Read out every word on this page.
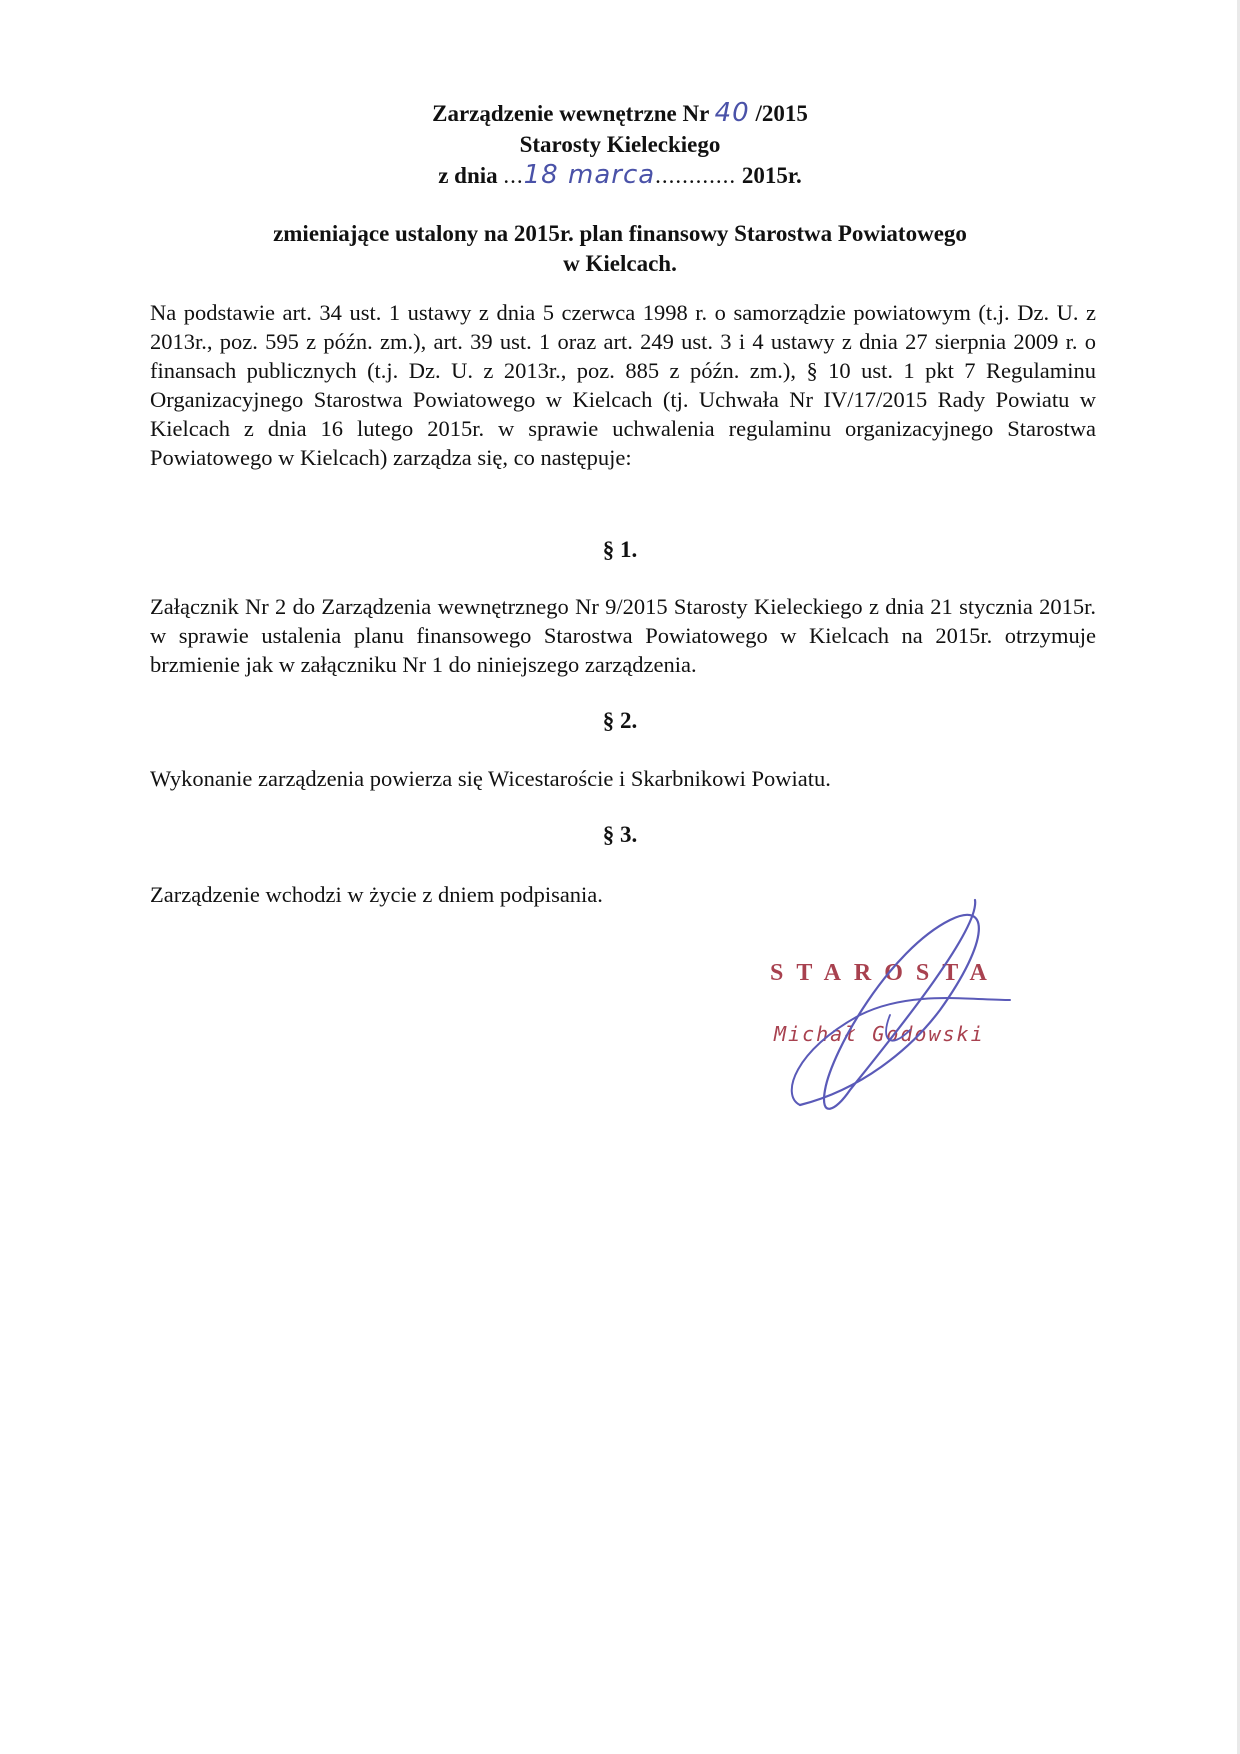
Zarządzenie wewnętrzne Nr 40 /2015
Starosty Kieleckiego
z dnia ...18 marca............ 2015r.
zmieniające ustalony na 2015r. plan finansowy Starostwa Powiatowego
w Kielcach.
Na podstawie art. 34 ust. 1 ustawy z dnia 5 czerwca 1998 r. o samorządzie powiatowym (t.j. Dz. U. z 2013r., poz. 595 z późn. zm.), art. 39 ust. 1 oraz art. 249 ust. 3 i 4 ustawy z dnia 27 sierpnia 2009 r. o finansach publicznych (t.j. Dz. U. z 2013r., poz. 885 z późn. zm.), § 10 ust. 1 pkt 7 Regulaminu Organizacyjnego Starostwa Powiatowego w Kielcach (tj. Uchwała Nr IV/17/2015 Rady Powiatu w Kielcach z dnia 16 lutego 2015r. w sprawie uchwalenia regulaminu organizacyjnego Starostwa Powiatowego w Kielcach) zarządza się, co następuje:
§ 1.
Załącznik Nr 2 do Zarządzenia wewnętrznego Nr 9/2015 Starosty Kieleckiego z dnia 21 stycznia 2015r. w sprawie ustalenia planu finansowego Starostwa Powiatowego w Kielcach na 2015r. otrzymuje brzmienie jak w załączniku Nr 1 do niniejszego zarządzenia.
§ 2.
Wykonanie zarządzenia powierza się Wicestaroście i Skarbnikowi Powiatu.
§ 3.
Zarządzenie wchodzi w życie z dniem podpisania.
STAROSTA
Michał Godowski
